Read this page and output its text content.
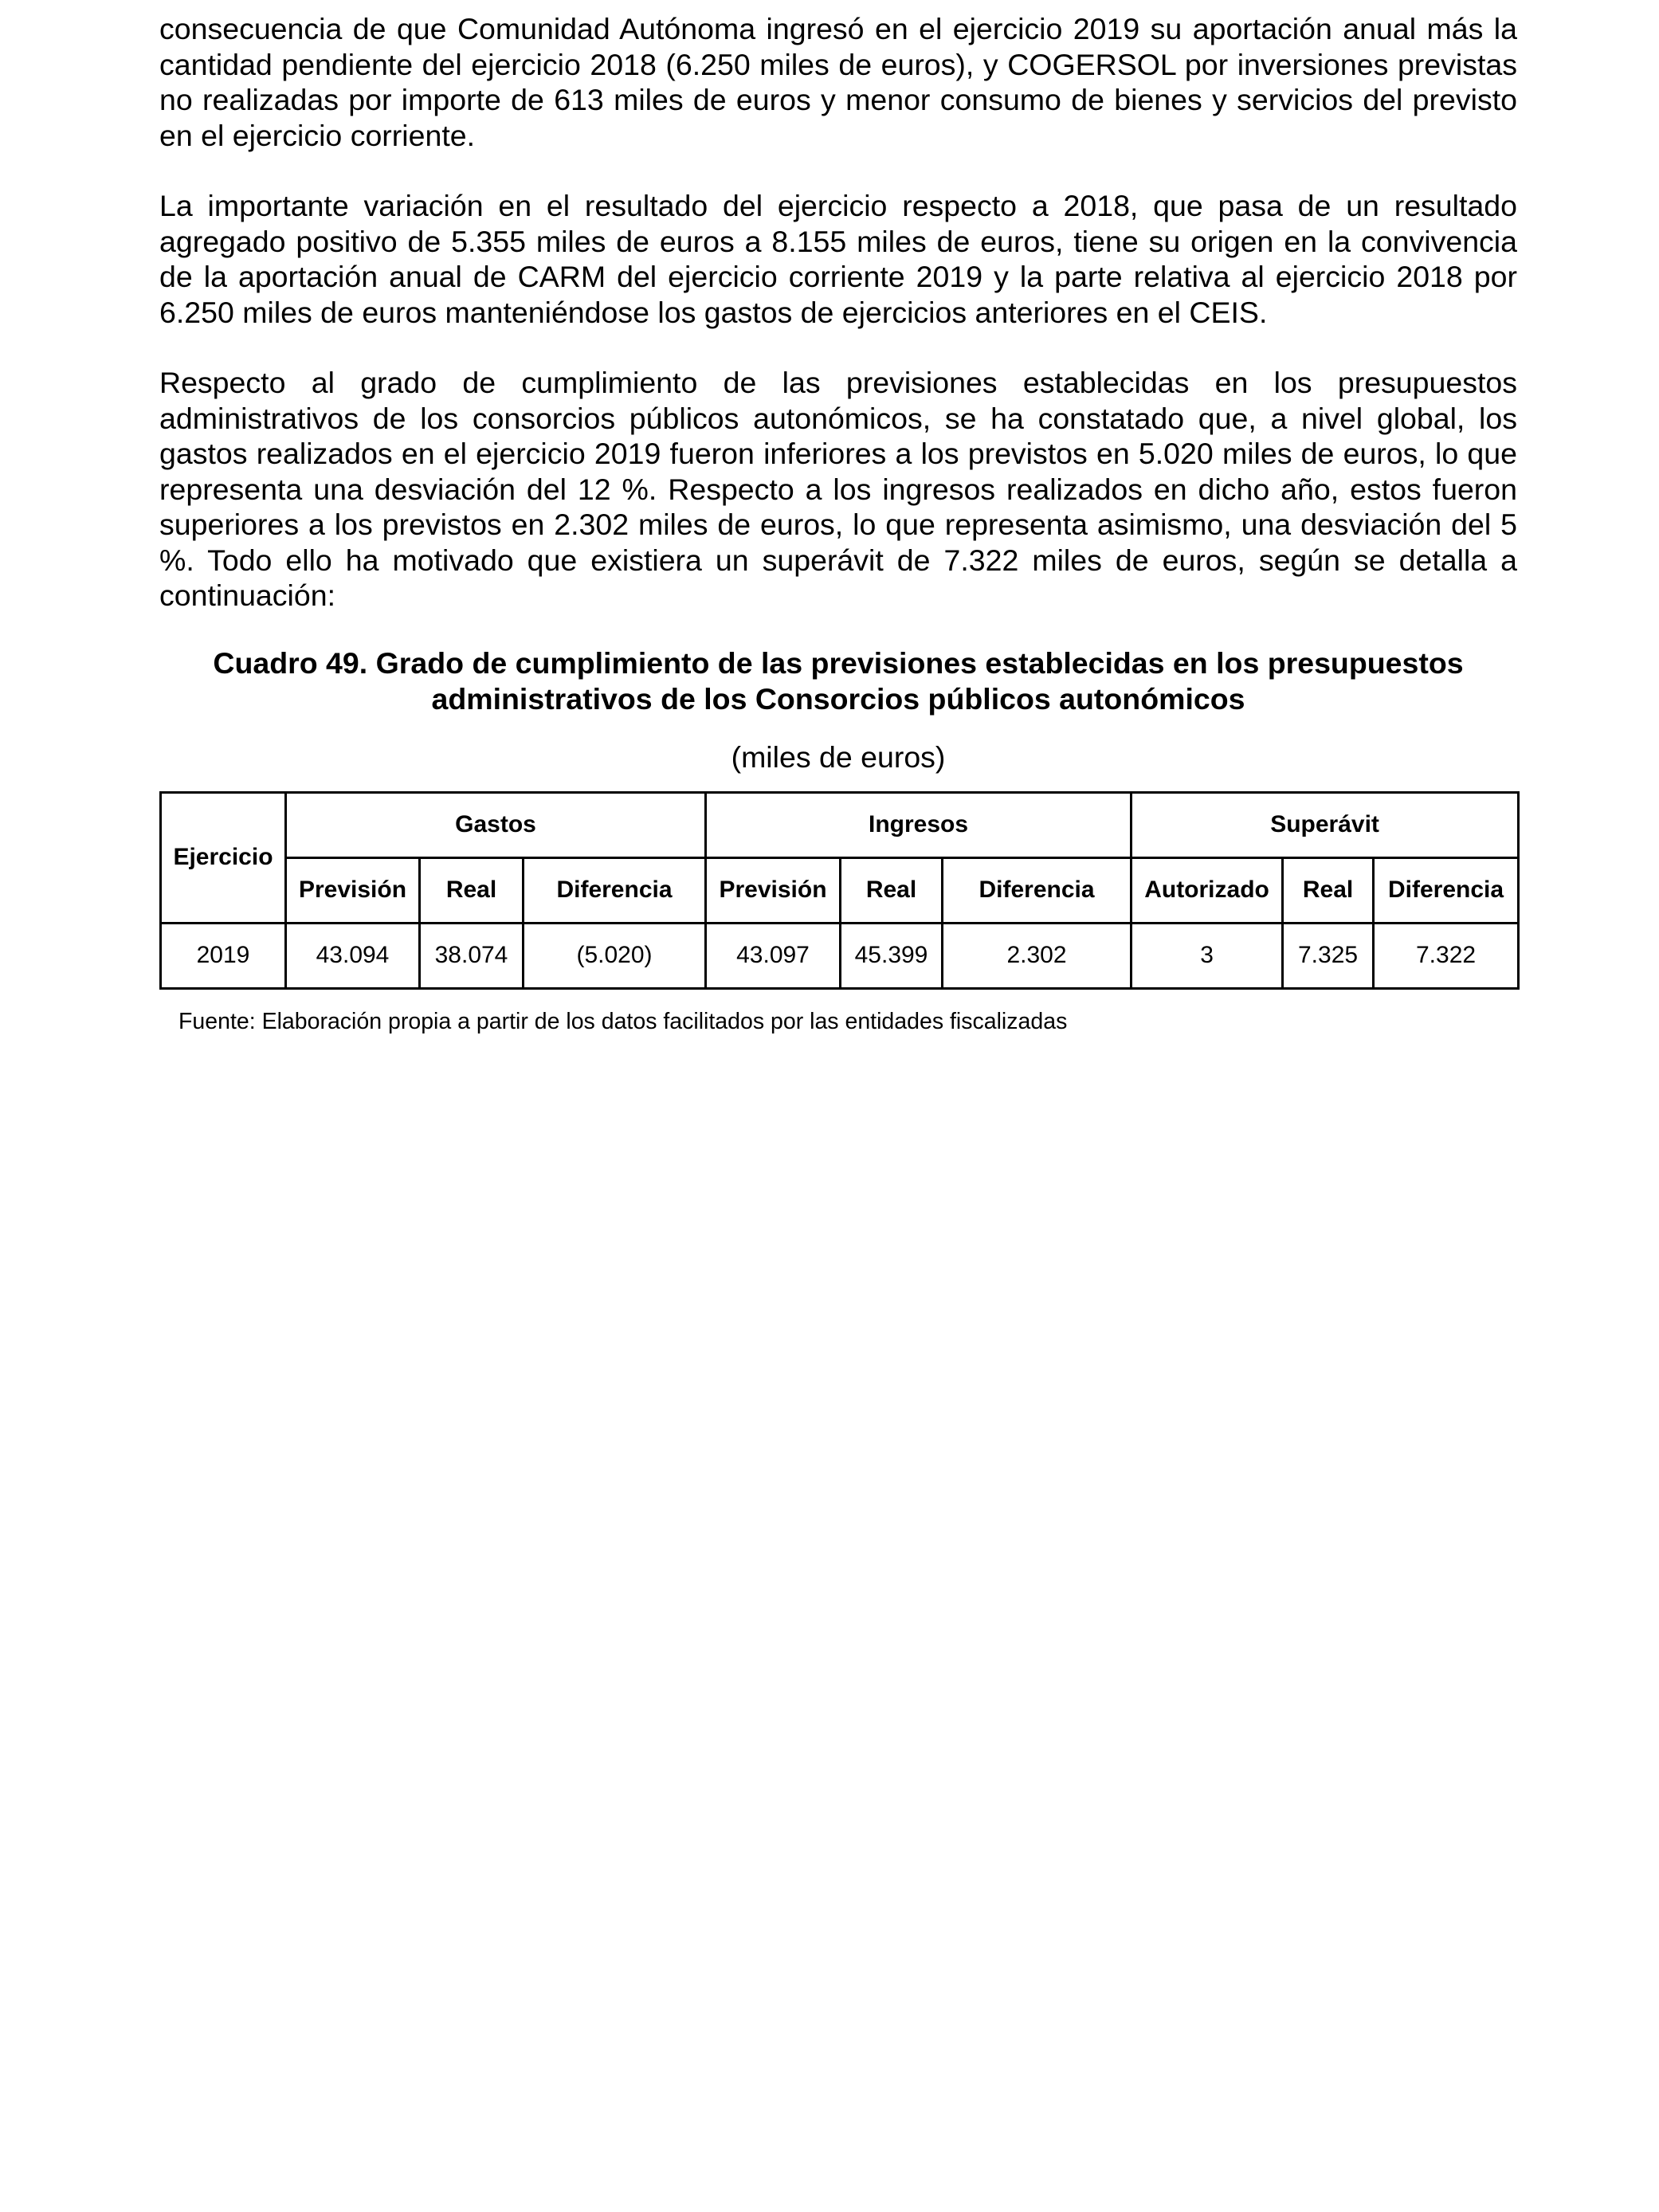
consecuencia de que Comunidad Autónoma ingresó en el ejercicio 2019 su aportación anual más la cantidad pendiente del ejercicio 2018 (6.250 miles de euros), y COGERSOL por inversiones previstas no realizadas por importe de 613 miles de euros y menor consumo de bienes y servicios del previsto en el ejercicio corriente.

La importante variación en el resultado del ejercicio respecto a 2018, que pasa de un resultado agregado positivo de 5.355 miles de euros a 8.155 miles de euros, tiene su origen en la convivencia de la aportación anual de CARM del ejercicio corriente 2019 y la parte relativa al ejercicio 2018 por 6.250 miles de euros manteniéndose los gastos de ejercicios anteriores en el CEIS.

Respecto al grado de cumplimiento de las previsiones establecidas en los presupuestos administrativos de los consorcios públicos autonómicos, se ha constatado que, a nivel global, los gastos realizados en el ejercicio 2019 fueron inferiores a los previstos en 5.020 miles de euros, lo que representa una desviación del 12 %. Respecto a los ingresos realizados en dicho año, estos fueron superiores a los previstos en 2.302 miles de euros, lo que representa asimismo, una desviación del 5 %. Todo ello ha motivado que existiera un superávit de 7.322 miles de euros, según se detalla a continuación:

Cuadro 49. Grado de cumplimiento de las previsiones establecidas en los presupuestos
administrativos de los Consorcios públicos autonómicos
(miles de euros)
Ejercicio	Gastos			Ingresos			Superávit		
	Previsión	Real	Diferencia	Previsión	Real	Diferencia	Autorizado	Real	Diferencia
2019	43.094	38.074	(5.020)	43.097	45.399	2.302	3	7.325	7.322
Fuente: Elaboración propia a partir de los datos facilitados por las entidades fiscalizadas
